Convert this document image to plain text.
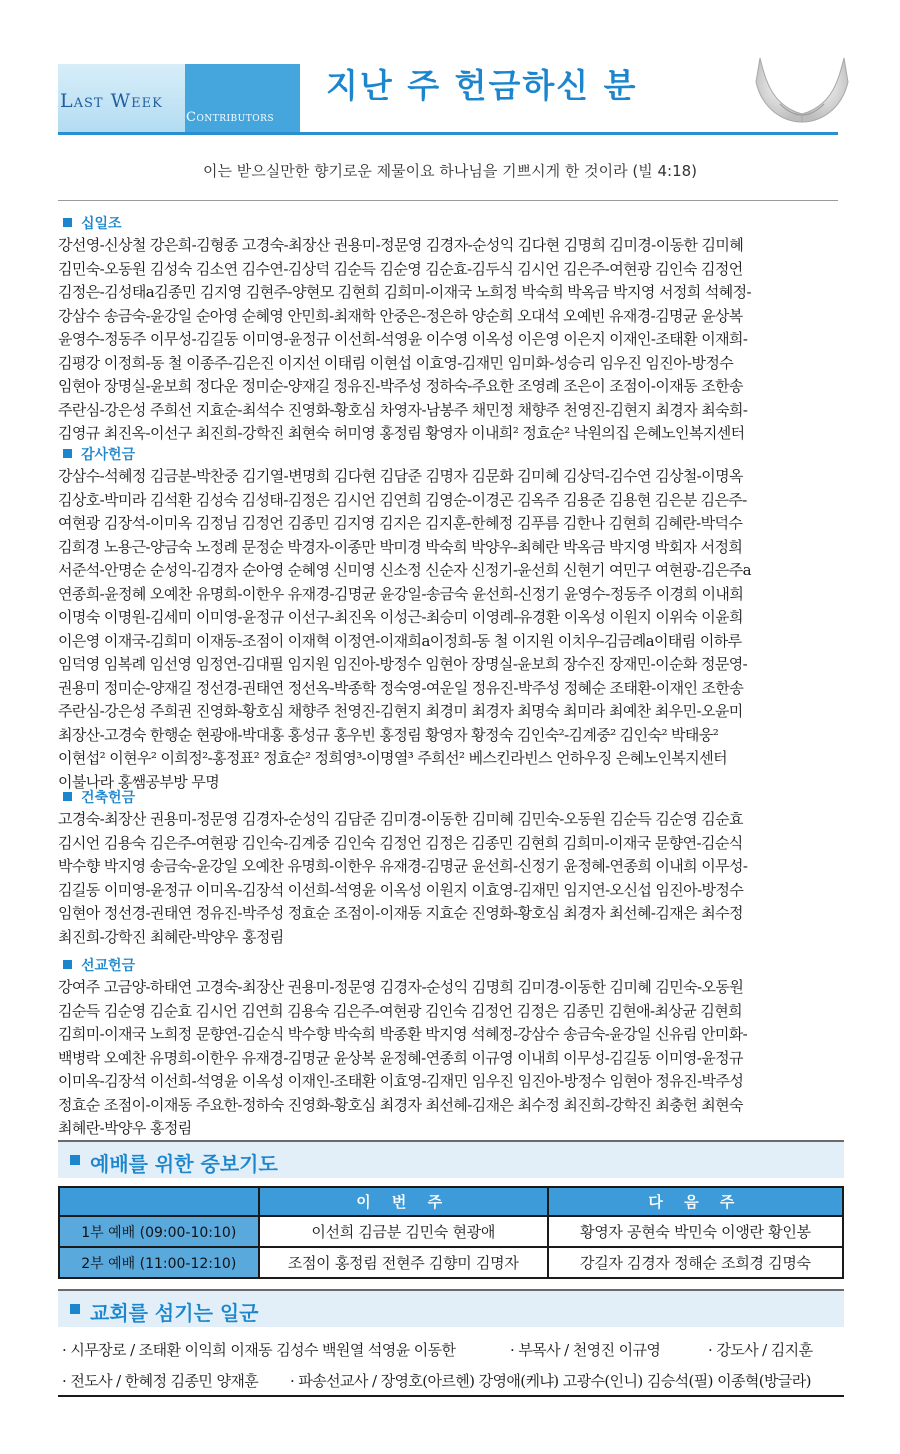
Last Week
Contributors
지난 주 헌금하신 분
이는 받으실만한 향기로운 제물이요 하나님을 기쁘시게 한 것이라 (빌 4:18)
십일조
강선영-신상철 강은희-김형종 고경숙-최장산 권용미-정문영 김경자-순성익 김다현 김명희 김미경-이동한 김미혜
김민숙-오동원 김성숙 김소연 김수연-김상덕 김순득 김순영 김순효-김두식 김시언 김은주-여현광 김인숙 김정언
김정은-김성태a김종민 김지영 김현주-양현모 김현희 김희미-이재국 노희정 박숙희 박옥금 박지영 서정희 석혜정-
강삼수 송금숙-윤강일 순아영 순혜영 안민희-최재학 안중은-정은하 양순희 오대석 오예빈 유재경-김명균 윤상복
윤영수-정동주 이무성-김길동 이미영-윤정규 이선희-석영윤 이수영 이옥성 이은영 이은지 이재인-조태환 이재희-
김평강 이정희-동 철 이종주-김은진 이지선 이태림 이현섭 이효영-김재민 임미화-성승리 임우진 임진아-방정수
임현아 장명실-윤보희 정다운 정미순-양재길 정유진-박주성 정하숙-주요한 조영례 조은이 조점이-이재동 조한송
주란심-강은성 주희선 지효순-최석수 진영화-황호심 차영자-남봉주 채민정 채향주 천영진-김현지 최경자 최숙희-
김영규 최진옥-이선구 최진희-강학진 최현숙 허미영 홍정림 황영자 이내희² 정효순² 낙원의집 은혜노인복지센터
감사헌금
강삼수-석혜정 김금분-박찬중 김기열-변명희 김다현 김담준 김명자 김문화 김미혜 김상덕-김수연 김상철-이명옥
김상호-박미라 김석환 김성숙 김성태-김정은 김시언 김연희 김영순-이경곤 김옥주 김용준 김용현 김은분 김은주-
여현광 김장석-이미옥 김정님 김정언 김종민 김지영 김지은 김지훈-한혜정 김푸름 김한나 김현희 김혜란-박덕수
김희경 노용근-양금숙 노정례 문정순 박경자-이종만 박미경 박숙희 박양우-최혜란 박옥금 박지영 박회자 서정희
서준석-안명순 순성익-김경자 순아영 순혜영 신미영 신소정 신순자 신정기-윤선희 신현기 여민구 여현광-김은주a
연종희-윤정혜 오예찬 유명희-이한우 유재경-김명균 윤강일-송금숙 윤선희-신정기 윤영수-정동주 이경희 이내희
이명숙 이명원-김세미 이미영-윤정규 이선구-최진옥 이성근-최승미 이영례-유경환 이옥성 이원지 이위숙 이윤희
이은영 이재국-김희미 이재동-조점이 이재혁 이정연-이재희a이정희-동 철 이지원 이치우-김금례a이태림 이하루
임덕영 임복례 임선영 임정연-김대필 임지원 임진아-방정수 임현아 장명실-윤보희 장수진 장재민-이순화 정문영-
권용미 정미순-양재길 정선경-권태연 정선옥-박종학 정숙영-여운일 정유진-박주성 정혜순 조태환-이재인 조한송
주란심-강은성 주희권 진영화-황호심 채향주 천영진-김현지 최경미 최경자 최명숙 최미라 최예찬 최우민-오윤미
최장산-고경숙 한행순 현광애-박대홍 홍성규 홍우빈 홍정림 황영자 황정숙 김인숙²-김계중² 김인숙² 박태웅²
이현섭² 이현우² 이희정²-홍정표² 정효순² 정희영³-이명열³ 주희선² 베스킨라빈스 언하우징 은혜노인복지센터
이불나라 홍쌤공부방 무명
건축헌금
고경숙-최장산 권용미-정문영 김경자-순성익 김담준 김미경-이동한 김미혜 김민숙-오동원 김순득 김순영 김순효
김시언 김용숙 김은주-여현광 김인숙-김계중 김인숙 김정언 김정은 김종민 김현희 김희미-이재국 문향연-김순식
박수향 박지영 송금숙-윤강일 오예찬 유명희-이한우 유재경-김명균 윤선희-신정기 윤정혜-연종희 이내희 이무성-
김길동 이미영-윤정규 이미옥-김장석 이선희-석영윤 이옥성 이원지 이효영-김재민 임지연-오신섭 임진아-방정수
임현아 정선경-권태연 정유진-박주성 정효순 조점이-이재동 지효순 진영화-황호심 최경자 최선혜-김재은 최수정
최진희-강학진 최혜란-박양우 홍정림
선교헌금
강여주 고금양-하태연 고경숙-최장산 권용미-정문영 김경자-순성익 김명희 김미경-이동한 김미혜 김민숙-오동원
김순득 김순영 김순효 김시언 김연희 김용숙 김은주-여현광 김인숙 김정언 김정은 김종민 김현애-최상균 김현희
김희미-이재국 노희정 문향연-김순식 박수향 박숙희 박종환 박지영 석혜정-강삼수 송금숙-윤강일 신유림 안미화-
백병락 오예찬 유명희-이한우 유재경-김명균 윤상복 윤정혜-연종희 이규영 이내희 이무성-김길동 이미영-윤정규
이미옥-김장석 이선희-석영윤 이옥성 이재인-조태환 이효영-김재민 임우진 임진아-방정수 임현아 정유진-박주성
정효순 조점이-이재동 주요한-정하숙 진영화-황호심 최경자 최선혜-김재은 최수정 최진희-강학진 최충헌 최현숙
최혜란-박양우 홍정림
예배를 위한 중보기도
	이 번 주	다 음 주
1부 예배 (09:00-10:10)	이선희 김금분 김민숙 현광애	황영자 공현숙 박민숙 이앵란 황인봉
2부 예배 (11:00-12:10)	조점이 홍정림 전현주 김향미 김명자	강길자 김경자 정해순 조희경 김명숙
교회를 섬기는 일군
· 시무장로 / 조태환 이익희 이재동 김성수 백원열 석영윤 이동한	· 부목사 / 천영진 이규영	· 강도사 / 김지훈
· 전도사 / 한혜정 김종민 양재훈 · 파송선교사 / 장영호(아르헨) 강영애(케냐) 고광수(인니) 김승석(필) 이종혁(방글라)
